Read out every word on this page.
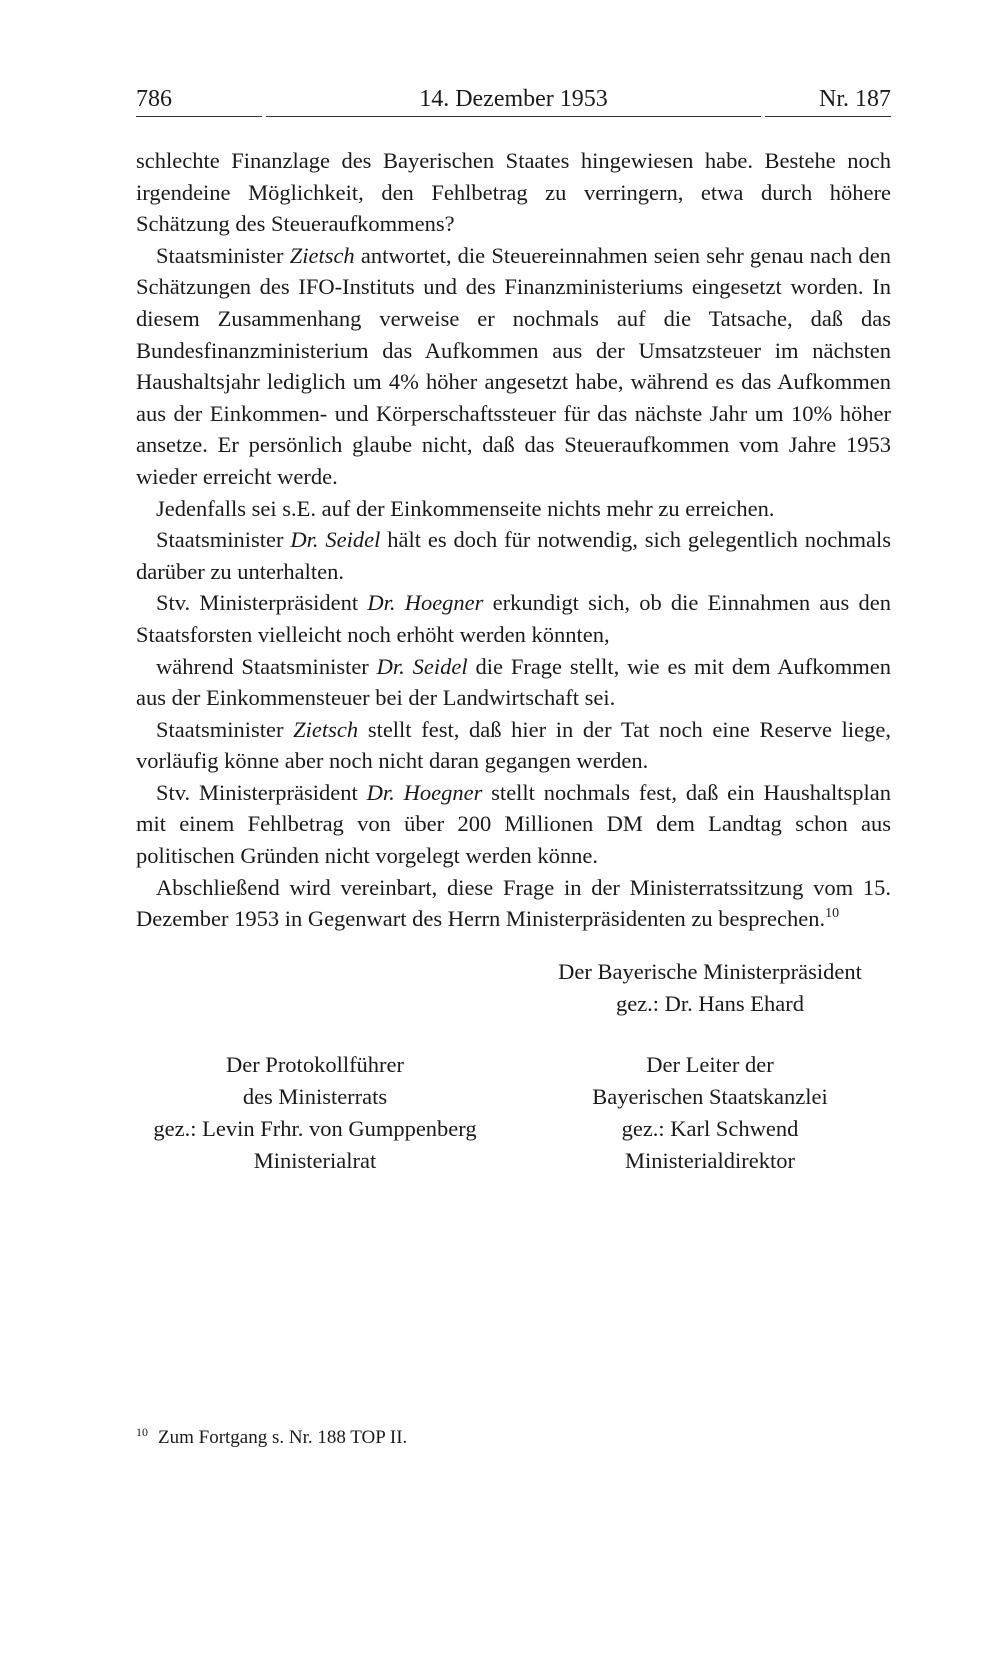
786	14. Dezember 1953	Nr. 187

schlechte Finanzlage des Bayerischen Staates hingewiesen habe. Bestehe noch irgendeine Möglichkeit, den Fehlbetrag zu verringern, etwa durch höhere Schätzung des Steueraufkommens?

Staatsminister Zietsch antwortet, die Steuereinnahmen seien sehr genau nach den Schätzungen des IFO-Instituts und des Finanzministeriums eingesetzt worden. In diesem Zusammenhang verweise er nochmals auf die Tatsache, daß das Bundesfinanzministerium das Aufkommen aus der Umsatzsteuer im nächsten Haushaltsjahr lediglich um 4% höher angesetzt habe, während es das Aufkommen aus der Einkommen- und Körperschaftssteuer für das nächste Jahr um 10% höher ansetze. Er persönlich glaube nicht, daß das Steueraufkommen vom Jahre 1953 wieder erreicht werde.

Jedenfalls sei s.E. auf der Einkommenseite nichts mehr zu erreichen.

Staatsminister Dr. Seidel hält es doch für notwendig, sich gelegentlich nochmals darüber zu unterhalten.

Stv. Ministerpräsident Dr. Hoegner erkundigt sich, ob die Einnahmen aus den Staatsforsten vielleicht noch erhöht werden könnten,

während Staatsminister Dr. Seidel die Frage stellt, wie es mit dem Aufkommen aus der Einkommensteuer bei der Landwirtschaft sei.

Staatsminister Zietsch stellt fest, daß hier in der Tat noch eine Reserve liege, vorläufig könne aber noch nicht daran gegangen werden.

Stv. Ministerpräsident Dr. Hoegner stellt nochmals fest, daß ein Haushaltsplan mit einem Fehlbetrag von über 200 Millionen DM dem Landtag schon aus politischen Gründen nicht vorgelegt werden könne.

Abschließend wird vereinbart, diese Frage in der Ministerratssitzung vom 15. Dezember 1953 in Gegenwart des Herrn Ministerpräsidenten zu besprechen.$^{10}$

Der Bayerische Ministerpräsident
gez.: Dr. Hans Ehard
Der Protokollführer
des Ministerrats
gez.: Levin Frhr. von Gumppenberg
Ministerialrat
Der Leiter der
Bayerischen Staatskanzlei
gez.: Karl Schwend
Ministerialdirektor
$^{10}$ Zum Fortgang s. Nr. 188 TOP II.
